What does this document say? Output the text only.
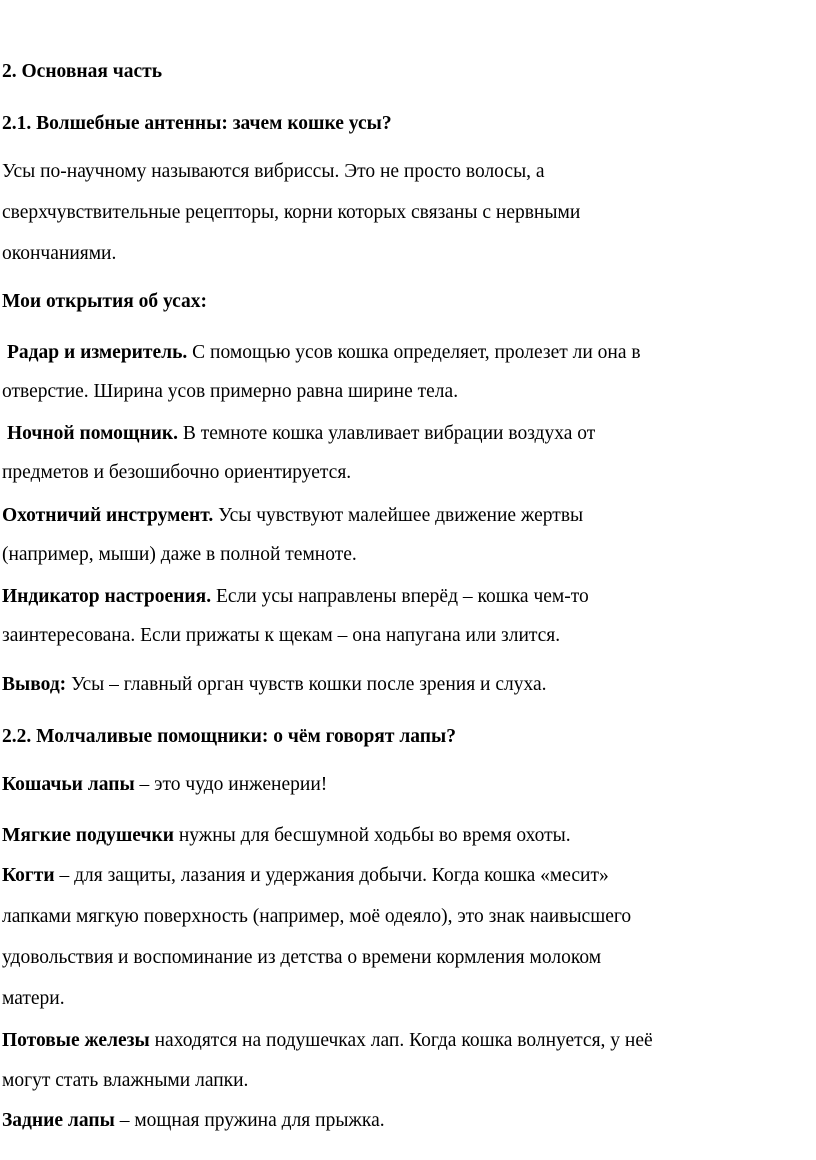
2. Основная часть
2.1. Волшебные антенны: зачем кошке усы?
Усы по-научному называются вибриссы. Это не просто волосы, а
сверхчувствительные рецепторы, корни которых связаны с нервными
окончаниями.
Мои открытия об усах:
Радар и измеритель. С помощью усов кошка определяет, пролезет ли она в
отверстие. Ширина усов примерно равна ширине тела.
Ночной помощник. В темноте кошка улавливает вибрации воздуха от
предметов и безошибочно ориентируется.
Охотничий инструмент. Усы чувствуют малейшее движение жертвы
(например, мыши) даже в полной темноте.
Индикатор настроения. Если усы направлены вперёд – кошка чем-то
заинтересована. Если прижаты к щекам – она напугана или злится.
Вывод: Усы – главный орган чувств кошки после зрения и слуха.
2.2. Молчаливые помощники: о чём говорят лапы?
Кошачьи лапы – это чудо инженерии!
Мягкие подушечки нужны для бесшумной ходьбы во время охоты.
Когти – для защиты, лазания и удержания добычи. Когда кошка «месит»
лапками мягкую поверхность (например, моё одеяло), это знак наивысшего
удовольствия и воспоминание из детства о времени кормления молоком
матери.
Потовые железы находятся на подушечках лап. Когда кошка волнуется, у неё
могут стать влажными лапки.
Задние лапы – мощная пружина для прыжка.
